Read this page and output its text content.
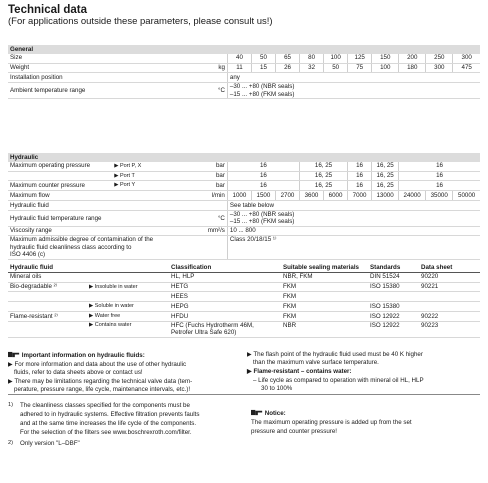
Technical data
(For applications outside these parameters, please consult us!)
General											
Size		40	50	65	80	100	125	150	200	250	300
Weight	kg	11	15	26	32	50	75	100	180	300	475
Installation position		any									
Ambient temperature range	°C	–30 ... +80 (NBR seals)
–15 ... +80 (FKM seals)									
Hydraulic												
Maximum operating pressure	▶ Port P, X	bar	16			16, 25		16	16, 25	16		
	▶ Port T	bar	16			16, 25		16	16, 25	16		
Maximum counter pressure	▶ Port Y	bar	16			16, 25		16	16, 25	16		
Maximum flow		l/min	1000	1500	2700	3600	6000	7000	13000	24000	35000	50000
Hydraulic fluid			See table below									
Hydraulic fluid temperature range		°C	–30 ... +80 (NBR seals)
–15 ... +80 (FKM seals)									

Viscosity range		mm²/s	10 ... 800									

Maximum admissible degree of contamination of the
hydraulic fluid cleanliness class according to
ISO 4406 (c)			Class 20/18/15 ¹⁾									
Hydraulic fluid		Classification	Suitable sealing materials	Standards	Data sheet
Mineral oils		HL, HLP	NBR, FKM	DIN 51524	90220
Bio-degradable ²⁾	▶ Insoluble in water	HETG	FKM	ISO 15380	90221
		HEES	FKM		
	▶ Soluble in water	HEPG	FKM	ISO 15380	
Flame-resistant ²⁾	▶ Water free	HFDU	FKM	ISO 12922	90222
	▶ Contains water	HFC (Fuchs Hydrotherm 46M,
Petrofer Ultra Safe 620)	NBR	ISO 12922	90223
Important information on hydraulic fluids:
▶ For more information and data about the use of other hydraulic
fluids, refer to data sheets above or contact us!
▶ There may be limitations regarding the technical valve data (tem-
perature, pressure range, life cycle, maintenance intervals, etc.)!
▶ The flash point of the hydraulic fluid used must be 40 K higher
than the maximum valve surface temperature.
▶ Flame-resistant – contains water:
– Life cycle as compared to operation with mineral oil HL, HLP
30 to 100%
1) The cleanliness classes specified for the components must be
adhered to in hydraulic systems. Effective filtration prevents faults
and at the same time increases the life cycle of the components.
For the selection of the filters see www.boschrexroth.com/filter.
2) Only version "L–DBF"
Notice:
The maximum operating pressure is added up from the set
pressure and counter pressure!
